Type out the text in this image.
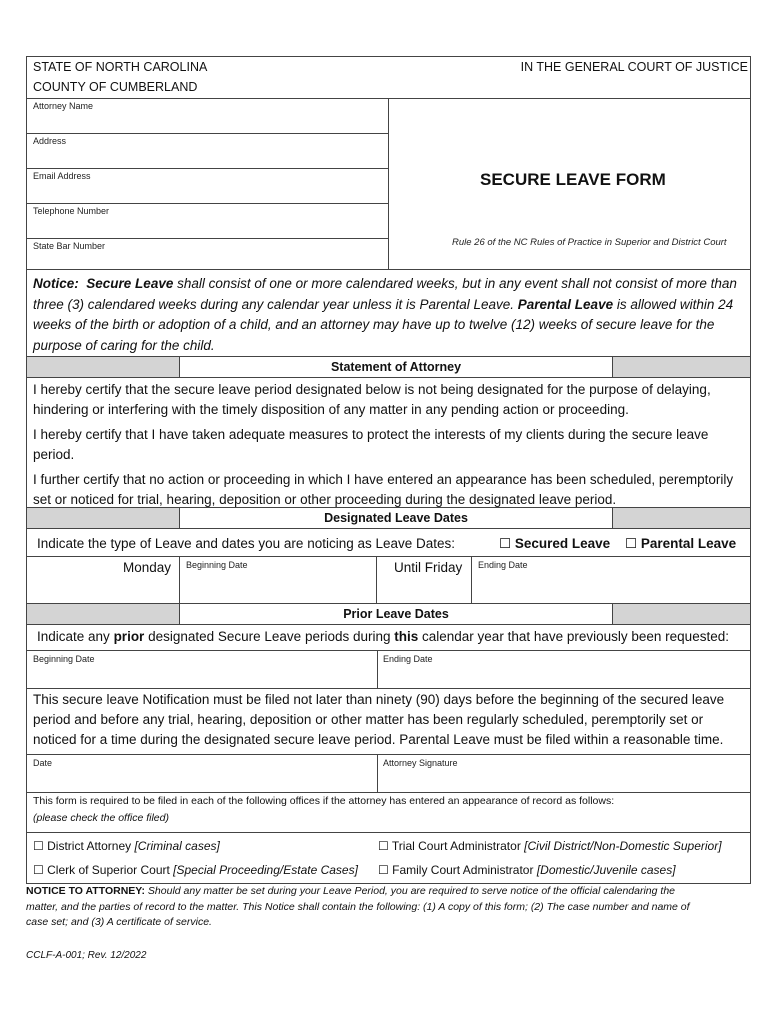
STATE OF NORTH CAROLINA
COUNTY OF CUMBERLAND
IN THE GENERAL COURT OF JUSTICE
Attorney Name
Address
Email Address
Telephone Number
State Bar Number
SECURE LEAVE FORM
Rule 26 of the NC Rules of Practice in Superior and District Court
Notice: Secure Leave shall consist of one or more calendared weeks, but in any event shall not consist of more than three (3) calendared weeks during any calendar year unless it is Parental Leave. Parental Leave is allowed within 24 weeks of the birth or adoption of a child, and an attorney may have up to twelve (12) weeks of secure leave for the purpose of caring for the child.
Statement of Attorney
I hereby certify that the secure leave period designated below is not being designated for the purpose of delaying, hindering or interfering with the timely disposition of any matter in any pending action or proceeding.
I hereby certify that I have taken adequate measures to protect the interests of my clients during the secure leave period.
I further certify that no action or proceeding in which I have entered an appearance has been scheduled, peremptorily set or noticed for trial, hearing, deposition or other proceeding during the designated leave period.
Designated Leave Dates
Indicate the type of Leave and dates you are noticing as Leave Dates:	☐ Secured Leave ☐ Parental Leave
Monday Beginning Date	Until Friday Ending Date
Prior Leave Dates
Indicate any prior designated Secure Leave periods during this calendar year that have previously been requested:
Beginning Date	Ending Date
This secure leave Notification must be filed not later than ninety (90) days before the beginning of the secured leave period and before any trial, hearing, deposition or other matter has been regularly scheduled, peremptorily set or noticed for a time during the designated secure leave period. Parental Leave must be filed within a reasonable time.
Date	Attorney Signature
This form is required to be filed in each of the following offices if the attorney has entered an appearance of record as follows:
(please check the office filed)
☐ District Attorney [Criminal cases]	☐ Trial Court Administrator [Civil District/Non-Domestic Superior]
☐ Clerk of Superior Court [Special Proceeding/Estate Cases] ☐ Family Court Administrator [Domestic/Juvenile cases]
NOTICE TO ATTORNEY: Should any matter be set during your Leave Period, you are required to serve notice of the official calendaring the matter, and the parties of record to the matter. This Notice shall contain the following: (1) A copy of this form; (2) The case number and name of case set; and (3) A certificate of service.
CCLF-A-001; Rev. 12/2022
